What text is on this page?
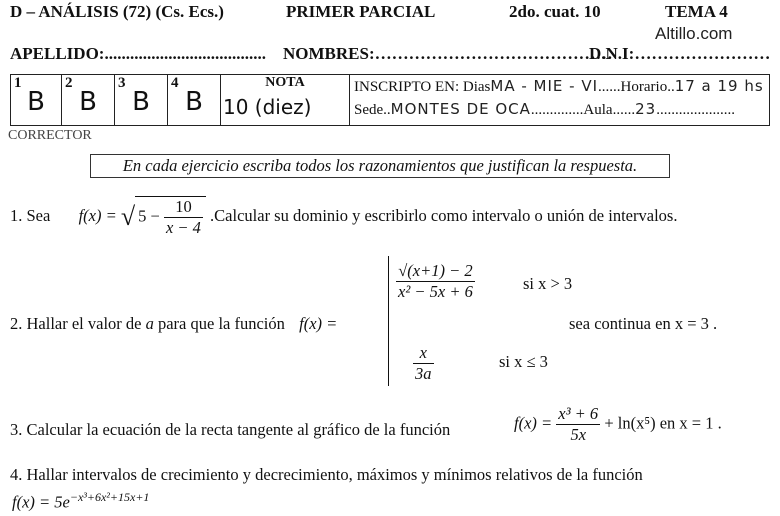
D – ANÁLISIS (72) (Cs. Ecs.)	PRIMER PARCIAL	2do. cuat. 10	TEMA 4
Altillo.com
APELLIDO:...................................... NOMBRES:……………………………………
D.N.I:……………………
1
B

2
B

3
B

4
B

NOTA
10 (diez)

INSCRIPTO EN: DiasMA - MIE - VI......Horario..17 a 19 hs
Sede..MONTES DE OCA..............Aula......23.....................
CORRECTOR
En cada ejercicio escriba todos los razonamientos que justifican la respuesta.
1. Sea f(x) = √ $5 - \frac{10}{x - 4}$ .Calcular su dominio y escribirlo como intervalo o unión de intervalos.
2. Hallar el valor de a para que la función f(x) =
$\frac{√(x+1) - 2}{\text{x² − 5x + 6}}$	si x > 3
$\frac{x}{3a}$	si x ≤ 3
sea continua en x = 3 .
3. Calcular la ecuación de la recta tangente al gráfico de la función	$f(x) = \frac{\text{x³ + 6}}{5x} + \ln(x^5)$ en x = 1 .
4. Hallar intervalos de crecimiento y decrecimiento, máximos y mínimos relativos de la función
$f(x) = 5e^{-x^3+6x^2+15x+1}$
